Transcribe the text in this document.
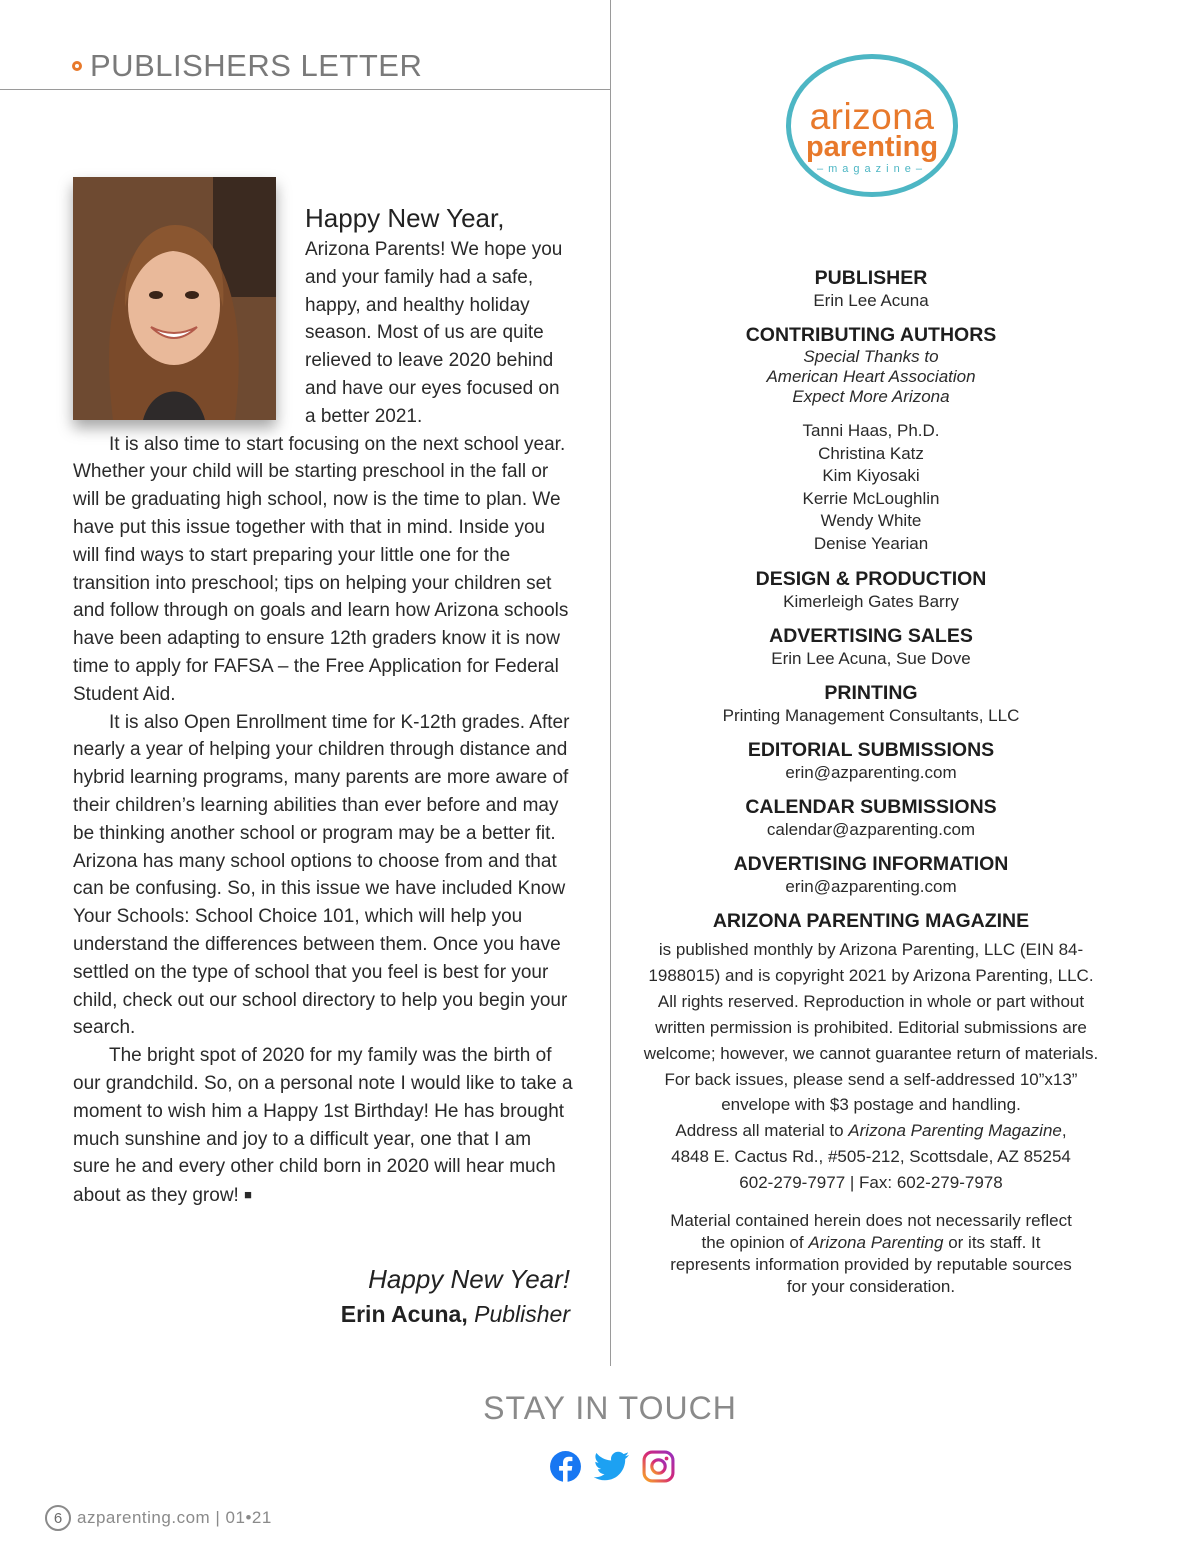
PUBLISHERS LETTER

Happy New Year,

Arizona Parents! We hope you and your family had a safe, happy, and healthy holiday season. Most of us are quite relieved to leave 2020 behind and have our eyes focused on a better 2021.

It is also time to start focusing on the next school year. Whether your child will be starting preschool in the fall or will be graduating high school, now is the time to plan. We have put this issue together with that in mind. Inside you will find ways to start preparing your little one for the transition into preschool; tips on helping your children set and follow through on goals and learn how Arizona schools have been adapting to ensure 12th graders know it is now time to apply for FAFSA – the Free Application for Federal Student Aid.

It is also Open Enrollment time for K-12th grades. After nearly a year of helping your children through distance and hybrid learning programs, many parents are more aware of their children’s learning abilities than ever before and may be thinking another school or program may be a better fit. Arizona has many school options to choose from and that can be confusing. So, in this issue we have included Know Your Schools: School Choice 101, which will help you understand the differences between them. Once you have settled on the type of school that you feel is best for your child, check out our school directory to help you begin your search.

The bright spot of 2020 for my family was the birth of our grandchild. So, on a personal note I would like to take a moment to wish him a Happy 1st Birthday! He has brought much sunshine and joy to a difficult year, one that I am sure he and every other child born in 2020 will hear much about as they grow! ■

Happy New Year!
Erin Acuna, Publisher
arizona
parenting
–magazine–
PUBLISHER
Erin Lee Acuna
CONTRIBUTING AUTHORS
Special Thanks to
American Heart Association
Expect More Arizona
Tanni Haas, Ph.D.
Christina Katz
Kim Kiyosaki
Kerrie McLoughlin
Wendy White
Denise Yearian
DESIGN & PRODUCTION
Kimerleigh Gates Barry
ADVERTISING SALES
Erin Lee Acuna, Sue Dove
PRINTING
Printing Management Consultants, LLC
EDITORIAL SUBMISSIONS
erin@azparenting.com
CALENDAR SUBMISSIONS
calendar@azparenting.com
ADVERTISING INFORMATION
erin@azparenting.com
ARIZONA PARENTING MAGAZINE
is published monthly by Arizona Parenting, LLC (EIN 84-1988015) and is copyright 2021 by Arizona Parenting, LLC. All rights reserved. Reproduction in whole or part without written permission is prohibited. Editorial submissions are welcome; however, we cannot guarantee return of materials. For back issues, please send a self-addressed 10”x13” envelope with $3 postage and handling.
Address all material to Arizona Parenting Magazine,
4848 E. Cactus Rd., #505-212, Scottsdale, AZ 85254
602-279-7977 | Fax: 602-279-7978
Material contained herein does not necessarily reflect the opinion of Arizona Parenting or its staff. It represents information provided by reputable sources for your consideration.
STAY IN TOUCH
6 azparenting.com | 01•21
